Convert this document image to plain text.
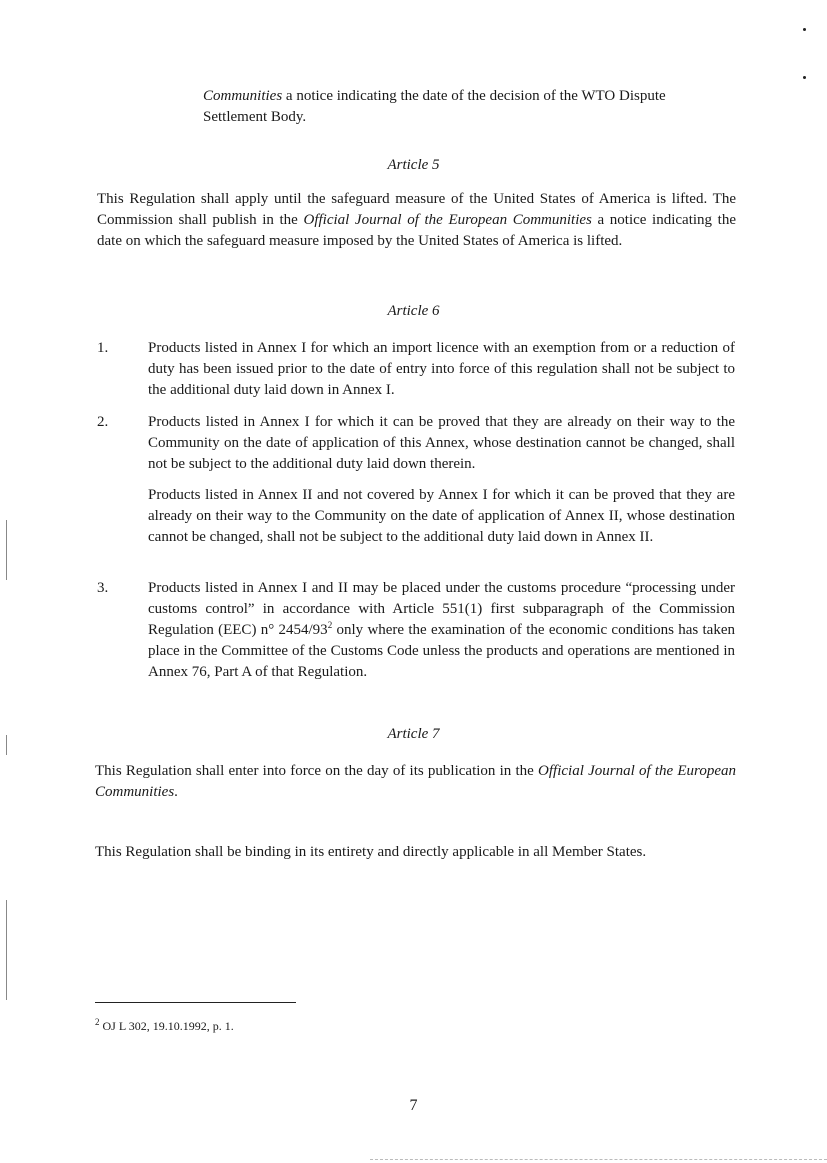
Communities a notice indicating the date of the decision of the WTO Dispute
Settlement Body.
Article 5
This Regulation shall apply until the safeguard measure of the United States of America is lifted. The Commission shall publish in the Official Journal of the European Communities a notice indicating the date on which the safeguard measure imposed by the United States of America is lifted.
Article 6
1.	Products listed in Annex I for which an import licence with an exemption from or a reduction of duty has been issued prior to the date of entry into force of this regulation shall not be subject to the additional duty laid down in Annex I.
2.	Products listed in Annex I for which it can be proved that they are already on their way to the Community on the date of application of this Annex, whose destination cannot be changed, shall not be subject to the additional duty laid down therein.
Products listed in Annex II and not covered by Annex I for which it can be proved that they are already on their way to the Community on the date of application of Annex II, whose destination cannot be changed, shall not be subject to the additional duty laid down in Annex II.
3.	Products listed in Annex I and II may be placed under the customs procedure “processing under customs control” in accordance with Article 551(1) first subparagraph of the Commission Regulation (EEC) n° $2454/93^2$ only where the examination of the economic conditions has taken place in the Committee of the Customs Code unless the products and operations are mentioned in Annex 76, Part A of that Regulation.
Article 7
This Regulation shall enter into force on the day of its publication in the Official Journal of the European Communities.
This Regulation shall be binding in its entirety and directly applicable in all Member States.
$^2$ OJ L 302, 19.10.1992, p. 1.
7
